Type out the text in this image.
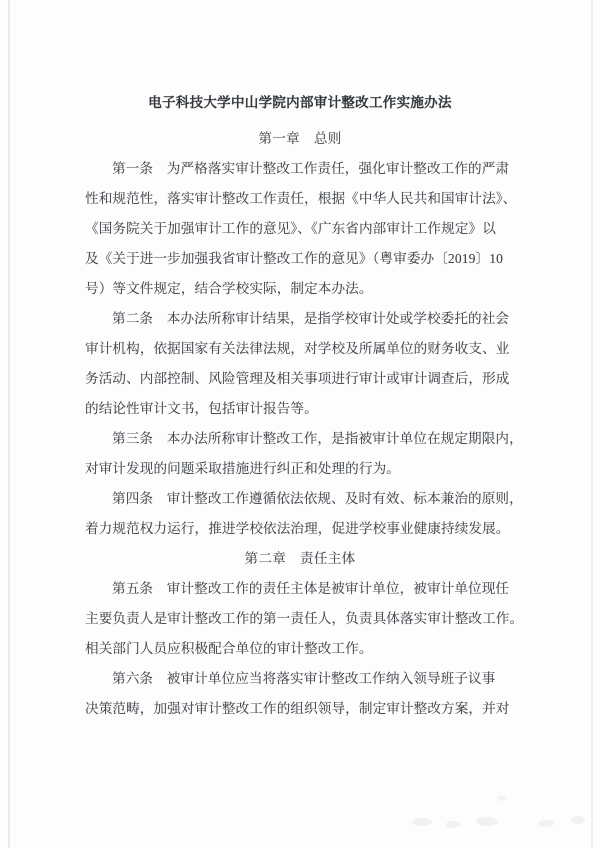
电子科技大学中山学院内部审计整改工作实施办法
第一章　总则
第一条　为严格落实审计整改工作责任，强化审计整改工作的严肃
性和规范性，落实审计整改工作责任，根据《中华人民共和国审计法》、
《国务院关于加强审计工作的意见》、《广东省内部审计工作规定》以
及《关于进一步加强我省审计整改工作的意见》（粤审委办〔2019〕10
号）等文件规定，结合学校实际，制定本办法。
第二条　本办法所称审计结果，是指学校审计处或学校委托的社会
审计机构，依据国家有关法律法规，对学校及所属单位的财务收支、业
务活动、内部控制、风险管理及相关事项进行审计或审计调查后，形成
的结论性审计文书，包括审计报告等。
第三条　本办法所称审计整改工作，是指被审计单位在规定期限内，
对审计发现的问题采取措施进行纠正和处理的行为。
第四条　审计整改工作遵循依法依规、及时有效、标本兼治的原则，
着力规范权力运行，推进学校依法治理，促进学校事业健康持续发展。
第二章　责任主体
第五条　审计整改工作的责任主体是被审计单位，被审计单位现任
主要负责人是审计整改工作的第一责任人，负责具体落实审计整改工作。
相关部门人员应积极配合单位的审计整改工作。
第六条　被审计单位应当将落实审计整改工作纳入领导班子议事
决策范畴，加强对审计整改工作的组织领导，制定审计整改方案，并对
